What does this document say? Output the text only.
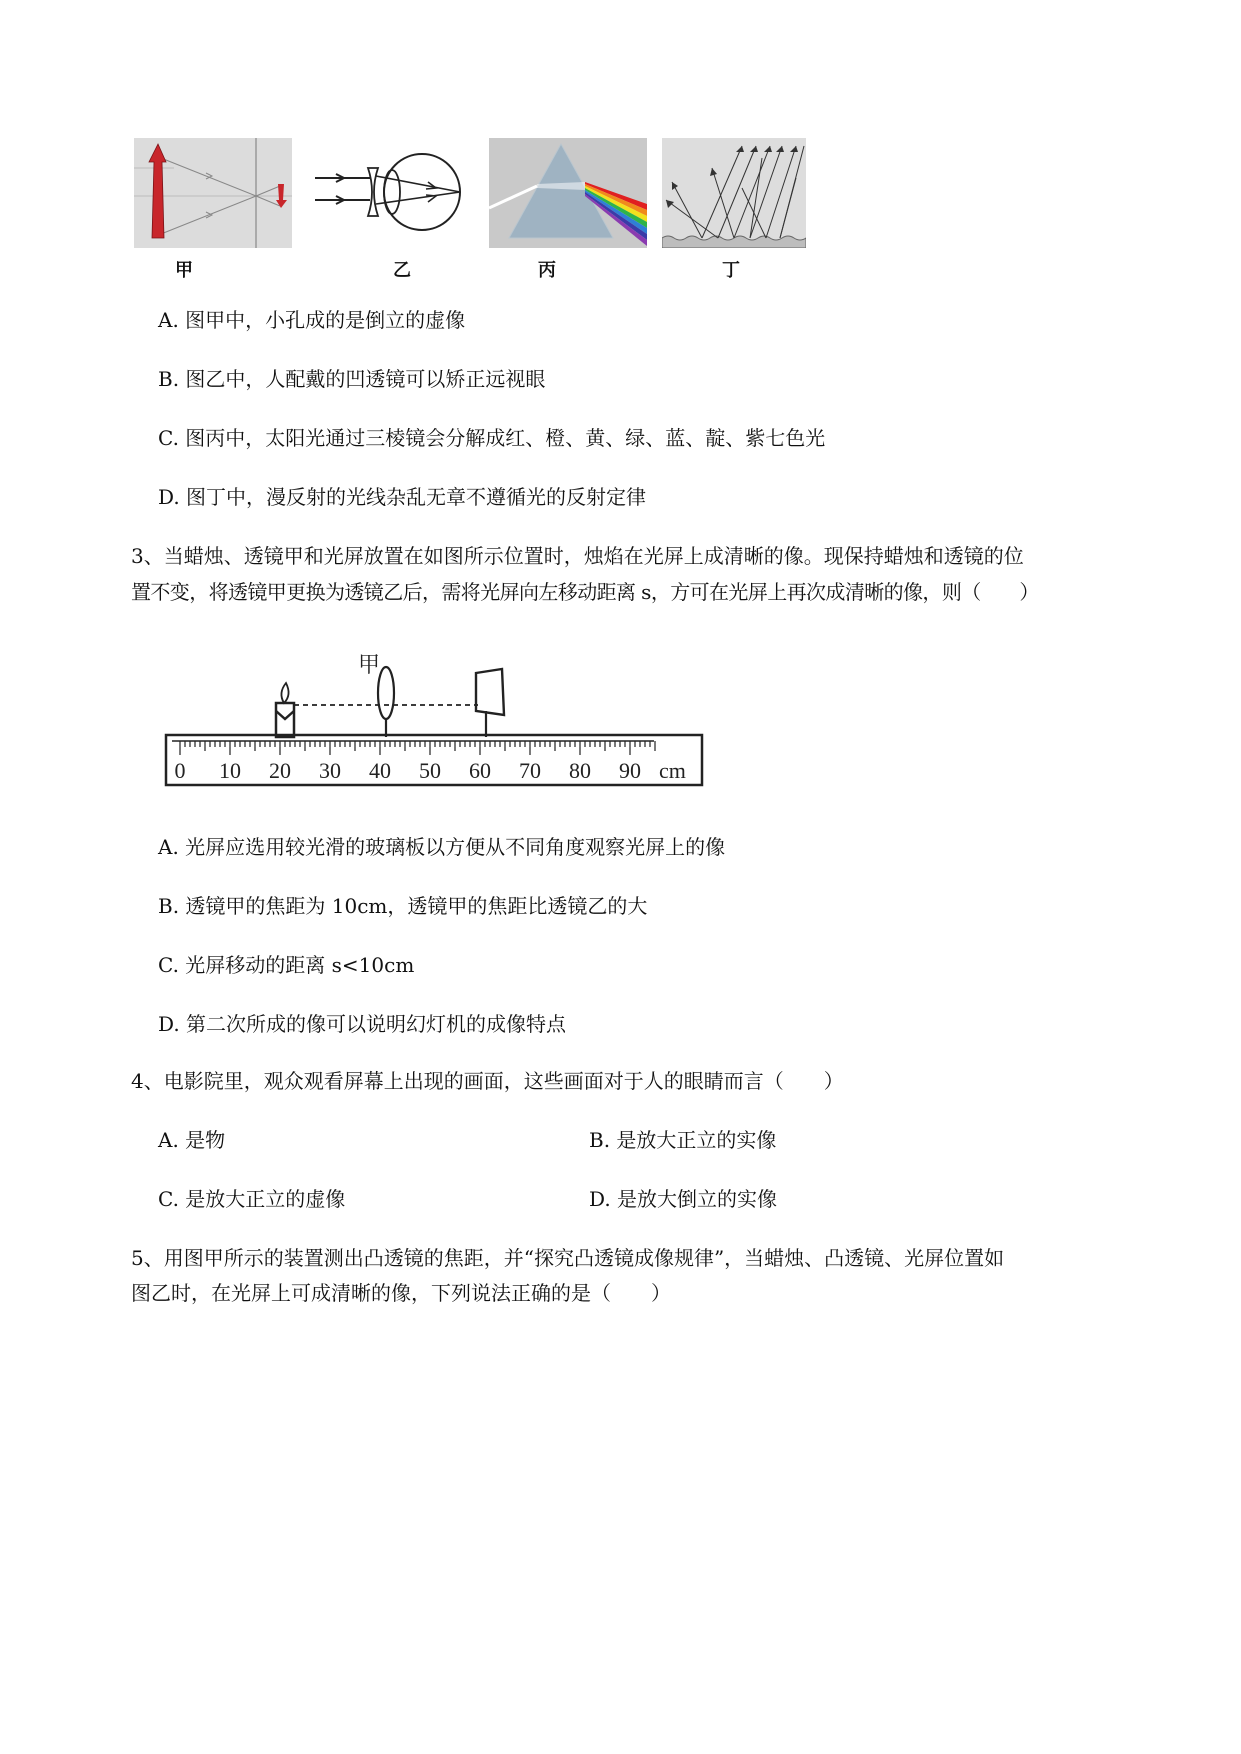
甲	乙	丙	丁
A. 图甲中，小孔成的是倒立的虚像
B. 图乙中，人配戴的凹透镜可以矫正远视眼
C. 图丙中，太阳光通过三棱镜会分解成红、橙、黄、绿、蓝、靛、紫七色光
D. 图丁中，漫反射的光线杂乱无章不遵循光的反射定律
3、当蜡烛、透镜甲和光屏放置在如图所示位置时，烛焰在光屏上成清晰的像。现保持蜡烛和透镜的位
置不变，将透镜甲更换为透镜乙后，需将光屏向左移动距离 s，方可在光屏上再次成清晰的像，则（　　）
甲
0 10 20 30 40 50 60 70 80 90 cm
A. 光屏应选用较光滑的玻璃板以方便从不同角度观察光屏上的像
B. 透镜甲的焦距为 10cm，透镜甲的焦距比透镜乙的大
C. 光屏移动的距离 s<10cm
D. 第二次所成的像可以说明幻灯机的成像特点
4、电影院里，观众观看屏幕上出现的画面，这些画面对于人的眼睛而言（　　）
A. 是物	B. 是放大正立的实像
C. 是放大正立的虚像	D. 是放大倒立的实像
5、用图甲所示的装置测出凸透镜的焦距，并“探究凸透镜成像规律”，当蜡烛、凸透镜、光屏位置如
图乙时，在光屏上可成清晰的像，下列说法正确的是（　　）
